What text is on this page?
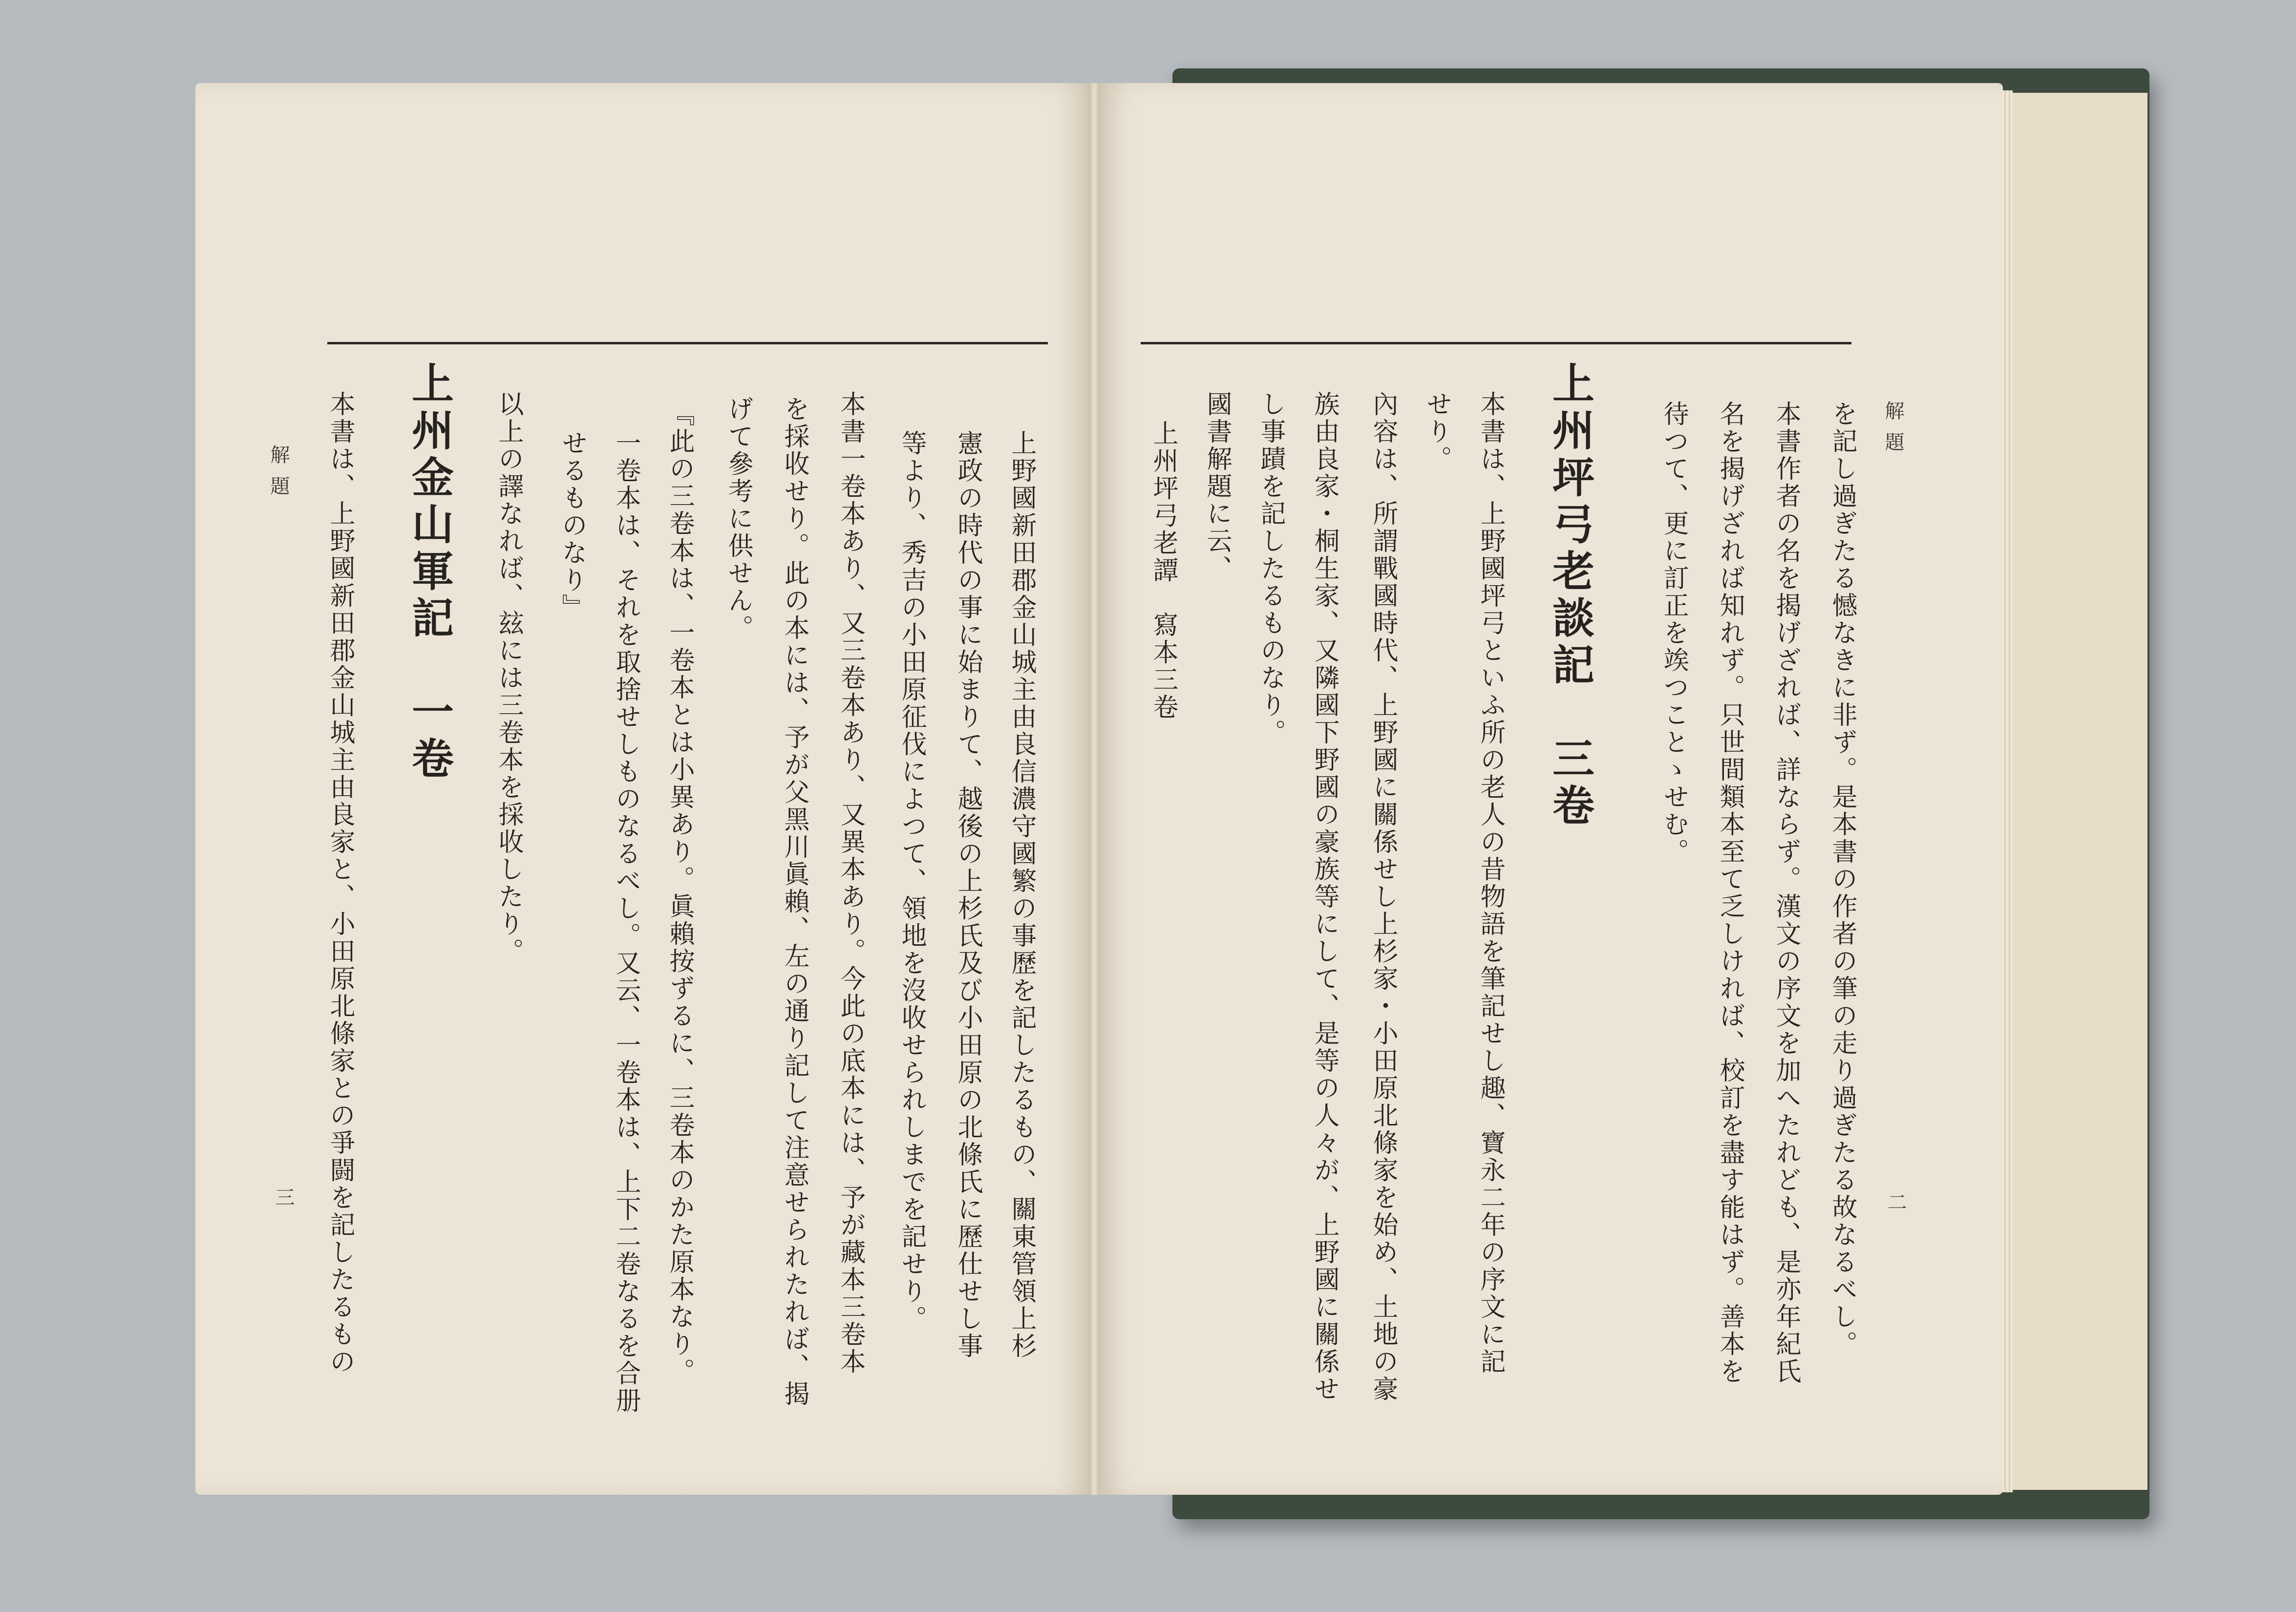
解題
三
解題
二
本書は、上野國新田郡金山城主由良家と、小田原北條家との爭闘を記したるもの 上州金山軍記　一卷 以上の譯なれば、玆には三卷本を採收したり。 せるものなり』 一卷本は、それを取捨せしものなるべし。又云、一卷本は、上下二卷なるを合册 『此の三卷本は、一卷本とは小異あり。眞賴按ずるに、三卷本のかた原本なり。 げて參考に供せん。 を採收せり。此の本には、予が父黑川眞賴、左の通り記して注意せられたれば、揭 本書一卷本あり、又三卷本あり、又異本あり。今此の底本には、予が藏本三卷本 等より、秀吉の小田原征伐によつて、領地を沒收せられしまでを記せり。 憲政の時代の事に始まりて、越後の上杉氏及び小田原の北條氏に歷仕せし事 上野國新田郡金山城主由良信濃守國繁の事歷を記したるもの、關東管領上杉	上州坪弓老譚　寫本三卷 國書解題に云、 し事蹟を記したるものなり。 族由良家・桐生家、又隣國下野國の豪族等にして、是等の人々が、上野國に關係せ 內容は、所謂戰國時代、上野國に關係せし上杉家・小田原北條家を始め、土地の豪 せり。 本書は、上野國坪弓といふ所の老人の昔物語を筆記せし趣、寶永二年の序文に記 上州坪弓老談記　三卷	待つて、更に訂正を竢つことゝせむ。 名を揭げざれば知れず。只世間類本至て乏しければ、校訂を盡す能はず。善本を 本書作者の名を揭げざれば、詳ならず。漢文の序文を加へたれども、是亦年紀氏 を記し過ぎたる憾なきに非ず。是本書の作者の筆の走り過ぎたる故なるべし。
